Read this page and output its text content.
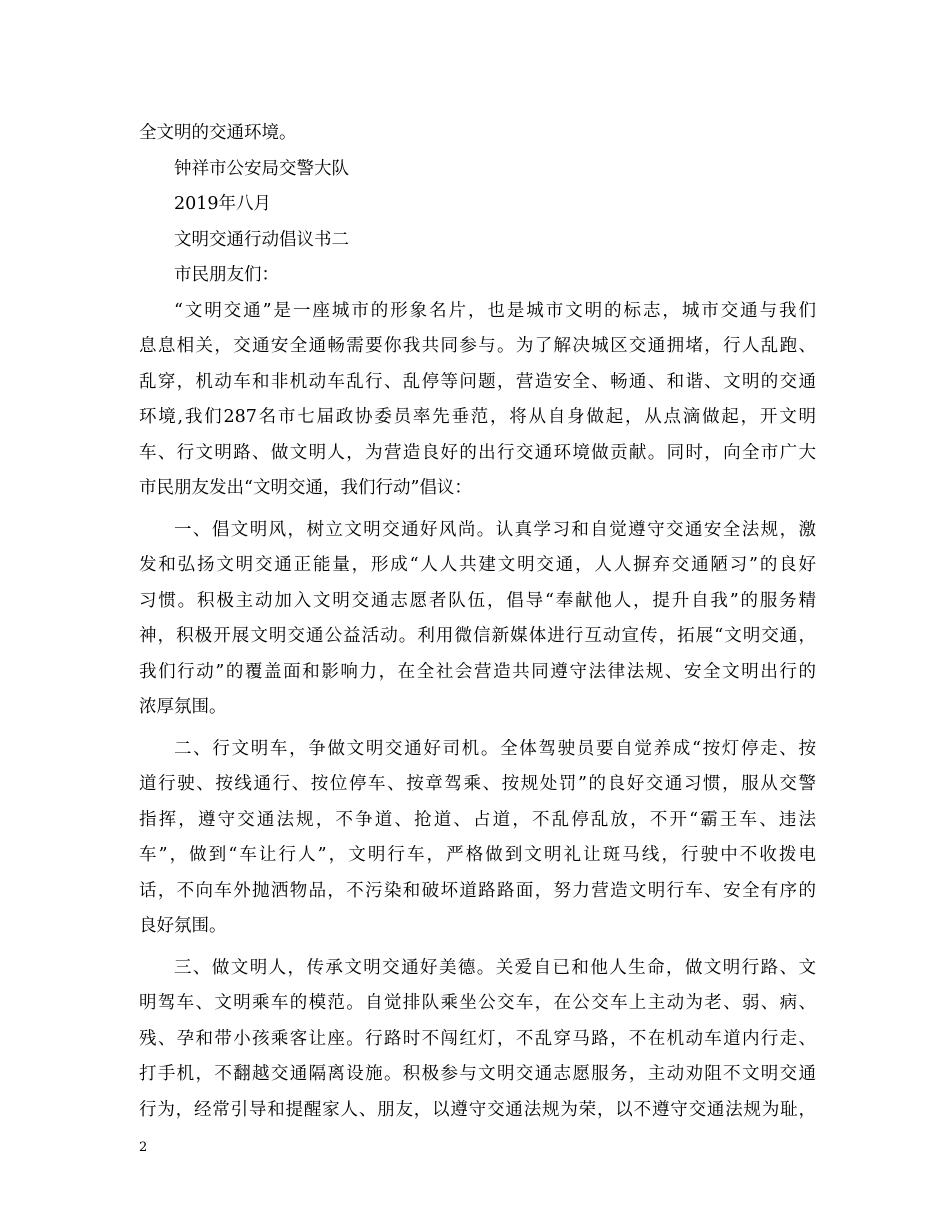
全文明的交通环境。
钟祥市公安局交警大队
2019年八月
文明交通行动倡议书二
市民朋友们：
“文明交通”是一座城市的形象名片，也是城市文明的标志，城市交通与我们
息息相关，交通安全通畅需要你我共同参与。为了解决城区交通拥堵，行人乱跑、
乱穿，机动车和非机动车乱行、乱停等问题，营造安全、畅通、和谐、文明的交通
环境,我们287名市七届政协委员率先垂范，将从自身做起，从点滴做起，开文明
车、行文明路、做文明人，为营造良好的出行交通环境做贡献。同时，向全市广大
市民朋友发出“文明交通，我们行动”倡议：
一、倡文明风，树立文明交通好风尚。认真学习和自觉遵守交通安全法规，激
发和弘扬文明交通正能量，形成“人人共建文明交通，人人摒弃交通陋习”的良好
习惯。积极主动加入文明交通志愿者队伍，倡导“奉献他人，提升自我”的服务精
神，积极开展文明交通公益活动。利用微信新媒体进行互动宣传，拓展“文明交通，
我们行动”的覆盖面和影响力，在全社会营造共同遵守法律法规、安全文明出行的
浓厚氛围。
二、行文明车，争做文明交通好司机。全体驾驶员要自觉养成“按灯停走、按
道行驶、按线通行、按位停车、按章驾乘、按规处罚”的良好交通习惯，服从交警
指挥，遵守交通法规，不争道、抢道、占道，不乱停乱放，不开“霸王车、违法
车”，做到“车让行人”，文明行车，严格做到文明礼让斑马线，行驶中不收拨电
话，不向车外抛洒物品，不污染和破坏道路路面，努力营造文明行车、安全有序的
良好氛围。
三、做文明人，传承文明交通好美德。关爱自已和他人生命，做文明行路、文
明驾车、文明乘车的模范。自觉排队乘坐公交车，在公交车上主动为老、弱、病、
残、孕和带小孩乘客让座。行路时不闯红灯，不乱穿马路，不在机动车道内行走、
打手机，不翻越交通隔离设施。积极参与文明交通志愿服务，主动劝阻不文明交通
行为，经常引导和提醒家人、朋友，以遵守交通法规为荣，以不遵守交通法规为耻，
2
